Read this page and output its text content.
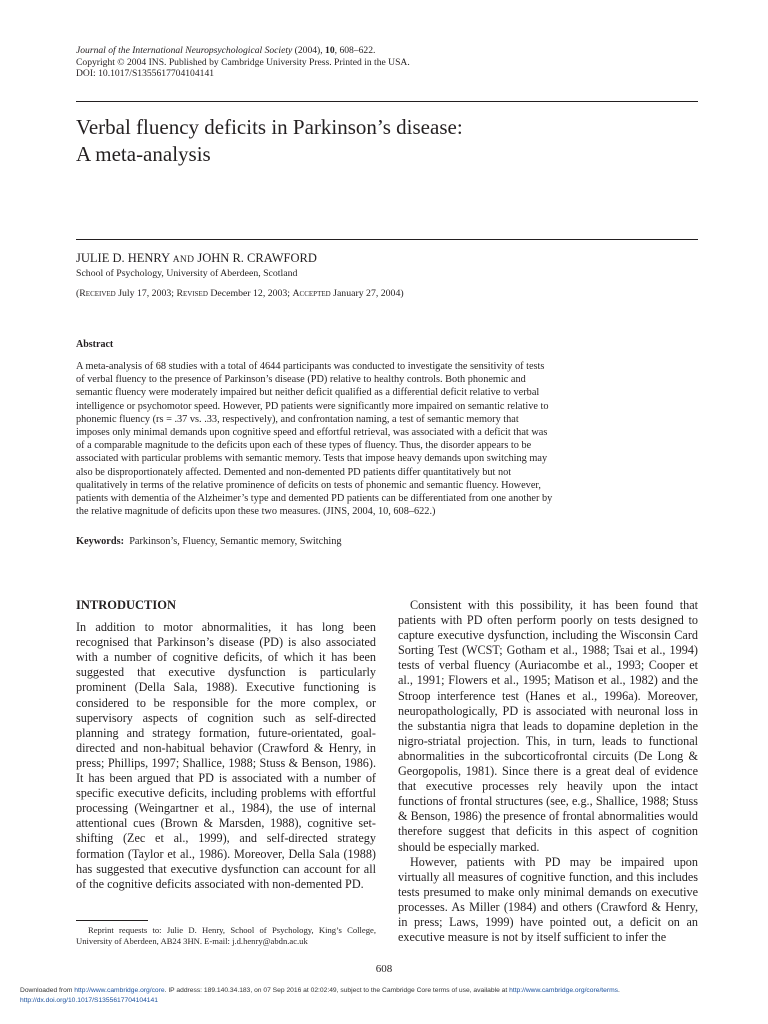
Journal of the International Neuropsychological Society (2004), 10, 608–622.
Copyright © 2004 INS. Published by Cambridge University Press. Printed in the USA.
DOI: 10.1017/S1355617704104141
Verbal fluency deficits in Parkinson’s disease:
A meta-analysis
JULIE D. HENRY AND JOHN R. CRAWFORD
School of Psychology, University of Aberdeen, Scotland
(Received July 17, 2003; Revised December 12, 2003; Accepted January 27, 2004)
Abstract
A meta-analysis of 68 studies with a total of 4644 participants was conducted to investigate the sensitivity of tests
of verbal fluency to the presence of Parkinson’s disease (PD) relative to healthy controls. Both phonemic and
semantic fluency were moderately impaired but neither deficit qualified as a differential deficit relative to verbal
intelligence or psychomotor speed. However, PD patients were significantly more impaired on semantic relative to
phonemic fluency (rs = .37 vs. .33, respectively), and confrontation naming, a test of semantic memory that
imposes only minimal demands upon cognitive speed and effortful retrieval, was associated with a deficit that was
of a comparable magnitude to the deficits upon each of these types of fluency. Thus, the disorder appears to be
associated with particular problems with semantic memory. Tests that impose heavy demands upon switching may
also be disproportionately affected. Demented and non-demented PD patients differ quantitatively but not
qualitatively in terms of the relative prominence of deficits on tests of phonemic and semantic fluency. However,
patients with dementia of the Alzheimer’s type and demented PD patients can be differentiated from one another by
the relative magnitude of deficits upon these two measures. (JINS, 2004, 10, 608–622.)
Keywords: Parkinson’s, Fluency, Semantic memory, Switching

INTRODUCTION

In addition to motor abnormalities, it has long been recognised that Parkinson’s disease (PD) is also associated with a number of cognitive deficits, of which it has been suggested that executive dysfunction is particularly prominent (Della Sala, 1988). Executive functioning is considered to be responsible for the more complex, or supervisory aspects of cognition such as self-directed planning and strategy formation, future-orientated, goal-directed and non-habitual behavior (Crawford & Henry, in press; Phillips, 1997; Shallice, 1988; Stuss & Benson, 1986). It has been argued that PD is associated with a number of specific executive deficits, including problems with effortful processing (Weingartner et al., 1984), the use of internal attentional cues (Brown & Marsden, 1988), cognitive set-shifting (Zec et al., 1999), and self-directed strategy formation (Taylor et al., 1986). Moreover, Della Sala (1988) has suggested that executive dysfunction can account for all of the cognitive deficits associated with non-demented PD.

Consistent with this possibility, it has been found that patients with PD often perform poorly on tests designed to capture executive dysfunction, including the Wisconsin Card Sorting Test (WCST; Gotham et al., 1988; Tsai et al., 1994) tests of verbal fluency (Auriacombe et al., 1993; Cooper et al., 1991; Flowers et al., 1995; Matison et al., 1982) and the Stroop interference test (Hanes et al., 1996a). Moreover, neuropathologically, PD is associated with neuronal loss in the substantia nigra that leads to dopamine depletion in the nigro-striatal projection. This, in turn, leads to functional abnormalities in the subcorticofrontal circuits (De Long & Georgopolis, 1981). Since there is a great deal of evidence that executive processes rely heavily upon the intact functions of frontal structures (see, e.g., Shallice, 1988; Stuss & Benson, 1986) the presence of frontal abnormalities would therefore suggest that deficits in this aspect of cognition should be especially marked.

However, patients with PD may be impaired upon virtually all measures of cognitive function, and this includes tests presumed to make only minimal demands on executive processes. As Miller (1984) and others (Crawford & Henry, in press; Laws, 1999) have pointed out, a deficit on an executive measure is not by itself sufficient to infer the

Reprint requests to: Julie D. Henry, School of Psychology, King’s College, University of Aberdeen, AB24 3HN. E-mail: j.d.henry@abdn.ac.uk
608
Downloaded from http://www.cambridge.org/core. IP address: 189.140.34.183, on 07 Sep 2016 at 02:02:49, subject to the Cambridge Core terms of use, available at http://www.cambridge.org/core/terms.
http://dx.doi.org/10.1017/S1355617704104141
